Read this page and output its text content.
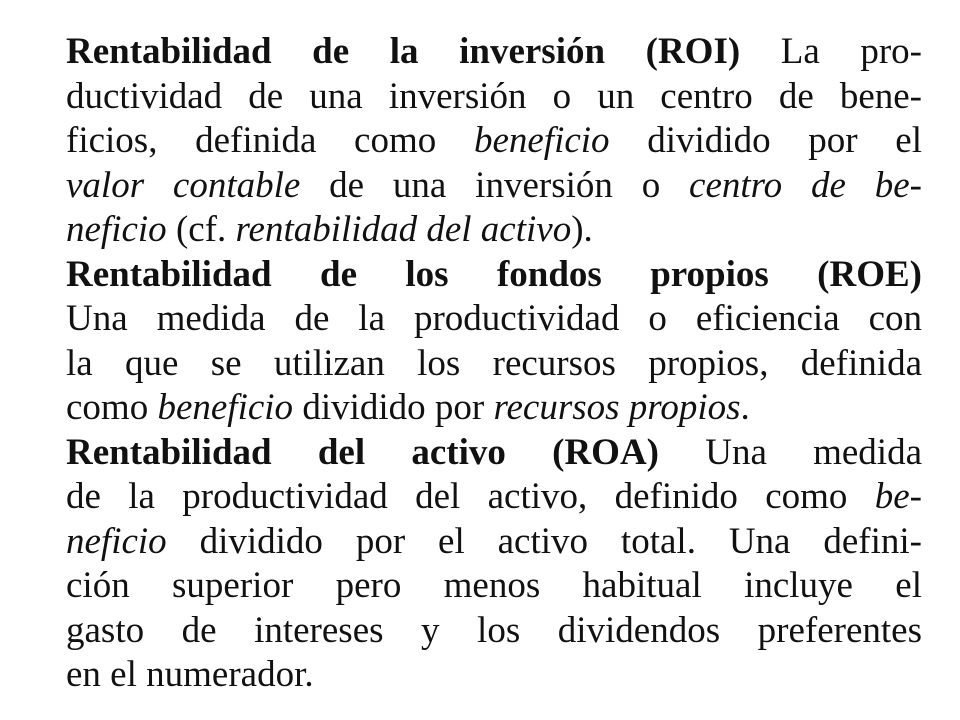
Rentabilidad de la inversión (ROI) La pro-
ductividad de una inversión o un centro de bene-
ficios, definida como beneficio dividido por el
valor contable de una inversión o centro de be-
neficio (cf. rentabilidad del activo).
Rentabilidad de los fondos propios (ROE)
Una medida de la productividad o eficiencia con
la que se utilizan los recursos propios, definida
como beneficio dividido por recursos propios.
Rentabilidad del activo (ROA) Una medida
de la productividad del activo, definido como be-
neficio dividido por el activo total. Una defini-
ción superior pero menos habitual incluye el
gasto de intereses y los dividendos preferentes
en el numerador.
